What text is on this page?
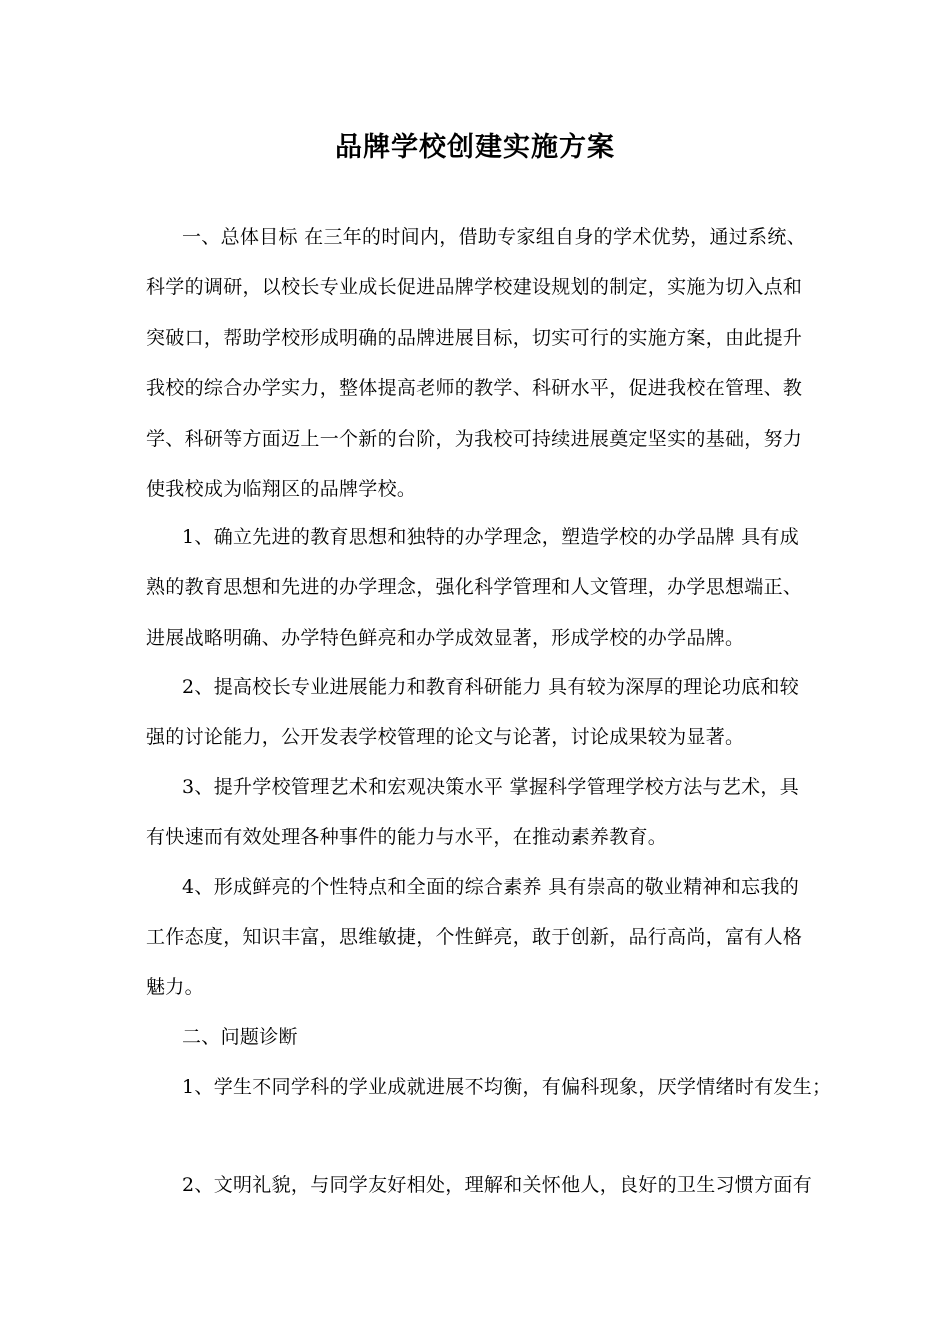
品牌学校创建实施方案
一、总体目标 在三年的时间内，借助专家组自身的学术优势，通过系统、
科学的调研，以校长专业成长促进品牌学校建设规划的制定，实施为切入点和
突破口，帮助学校形成明确的品牌进展目标，切实可行的实施方案，由此提升
我校的综合办学实力，整体提高老师的教学、科研水平，促进我校在管理、教
学、科研等方面迈上一个新的台阶，为我校可持续进展奠定坚实的基础，努力
使我校成为临翔区的品牌学校。
1、确立先进的教育思想和独特的办学理念，塑造学校的办学品牌 具有成
熟的教育思想和先进的办学理念，强化科学管理和人文管理，办学思想端正、
进展战略明确、办学特色鲜亮和办学成效显著，形成学校的办学品牌。
2、提高校长专业进展能力和教育科研能力 具有较为深厚的理论功底和较
强的讨论能力，公开发表学校管理的论文与论著，讨论成果较为显著。
3、提升学校管理艺术和宏观决策水平 掌握科学管理学校方法与艺术，具
有快速而有效处理各种事件的能力与水平，在推动素养教育。
4、形成鲜亮的个性特点和全面的综合素养 具有崇高的敬业精神和忘我的
工作态度，知识丰富，思维敏捷，个性鲜亮，敢于创新，品行高尚，富有人格
魅力。
二、问题诊断
1、学生不同学科的学业成就进展不均衡，有偏科现象，厌学情绪时有发生；
2、文明礼貌，与同学友好相处，理解和关怀他人，良好的卫生习惯方面有
